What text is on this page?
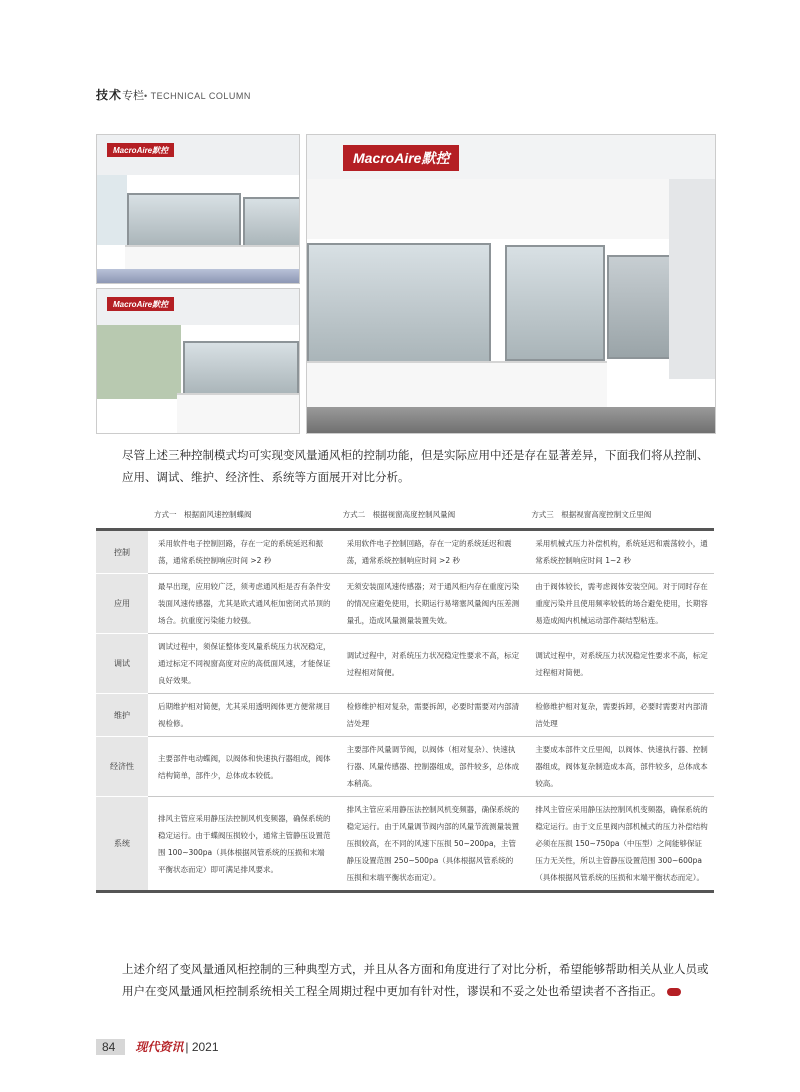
技术专栏• TECHNICAL COLUMN
MacroAire默控
MacroAire默控
MacroAire默控
尽管上述三种控制模式均可实现变风量通风柜的控制功能，但是实际应用中还是存在显著差异，下面我们将从控制、应用、调试、维护、经济性、系统等方面展开对比分析。
	方式一　根据面风速控制蝶阀	方式二　根据视窗高度控制风量阀	方式三　根据视窗高度控制文丘里阀
控制	采用软件电子控制回路，存在一定的系统延迟和振荡，通常系统控制响应时间 >2 秒	采用软件电子控制回路，存在一定的系统延迟和震荡，通常系统控制响应时间 >2 秒	采用机械式压力补偿机构，系统延迟和震荡较小，通常系统控制响应时间 1~2 秒
应用	最早出现，应用较广泛，须考虑通风柜是否有条件安装面风速传感器，尤其是欧式通风柜加密闭式吊顶的场合。抗重度污染能力较强。	无须安装面风速传感器；对于通风柜内存在重度污染的情况应避免使用，长期运行易堵塞风量阀内压差测量孔，造成风量测量装置失效。	由于阀体较长，需考虑阀体安装空间。对于同时存在重度污染并且使用频率较低的场合避免使用，长期容易造成阀内机械运动部件凝结型粘连。
调试	调试过程中，须保证整体变风量系统压力状况稳定，通过标定不同视窗高度对应的高低面风速，才能保证良好效果。	调试过程中，对系统压力状况稳定性要求不高，标定过程相对简便。	调试过程中，对系统压力状况稳定性要求不高，标定过程相对简便。
维护	后期维护相对简便，尤其采用透明阀体更方便常规目视检修。	检修维护相对复杂，需要拆卸，必要时需要对内部清洁处理	检修维护相对复杂，需要拆卸，必要时需要对内部清洁处理
经济性	主要部件电动蝶阀，以阀体和快速执行器组成，阀体结构简单，部件少，总体成本较低。	主要部件风量调节阀，以阀体（相对复杂）、快速执行器、风量传感器、控制器组成，部件较多，总体成本稍高。	主要成本部件文丘里阀，以阀体、快速执行器、控制器组成，阀体复杂制造成本高，部件较多，总体成本较高。
系统	排风主管应采用静压法控制风机变频器，确保系统的稳定运行。由于蝶阀压损较小，通常主管静压设置范围 100~300pa（具体根据风管系统的压损和末端平衡状态而定）即可满足排风要求。	排风主管应采用静压法控制风机变频器，确保系统的稳定运行。由于风量调节阀内部的风量节流测量装置压损较高，在不同的风速下压损 50~200pa，主管静压设置范围 250~500pa（具体根据风管系统的压损和末端平衡状态而定）。	排风主管应采用静压法控制风机变频器，确保系统的稳定运行。由于文丘里阀内部机械式的压力补偿结构必须在压损 150~750pa（中压型）之间能够保证压力无关性，所以主管静压设置范围 300~600pa（具体根据风管系统的压损和末端平衡状态而定）。
上述介绍了变风量通风柜控制的三种典型方式，并且从各方面和角度进行了对比分析，希望能够帮助相关从业人员或用户在变风量通风柜控制系统相关工程全周期过程中更加有针对性，谬误和不妥之处也希望读者不吝指正。
84	现代资讯 | 2021
